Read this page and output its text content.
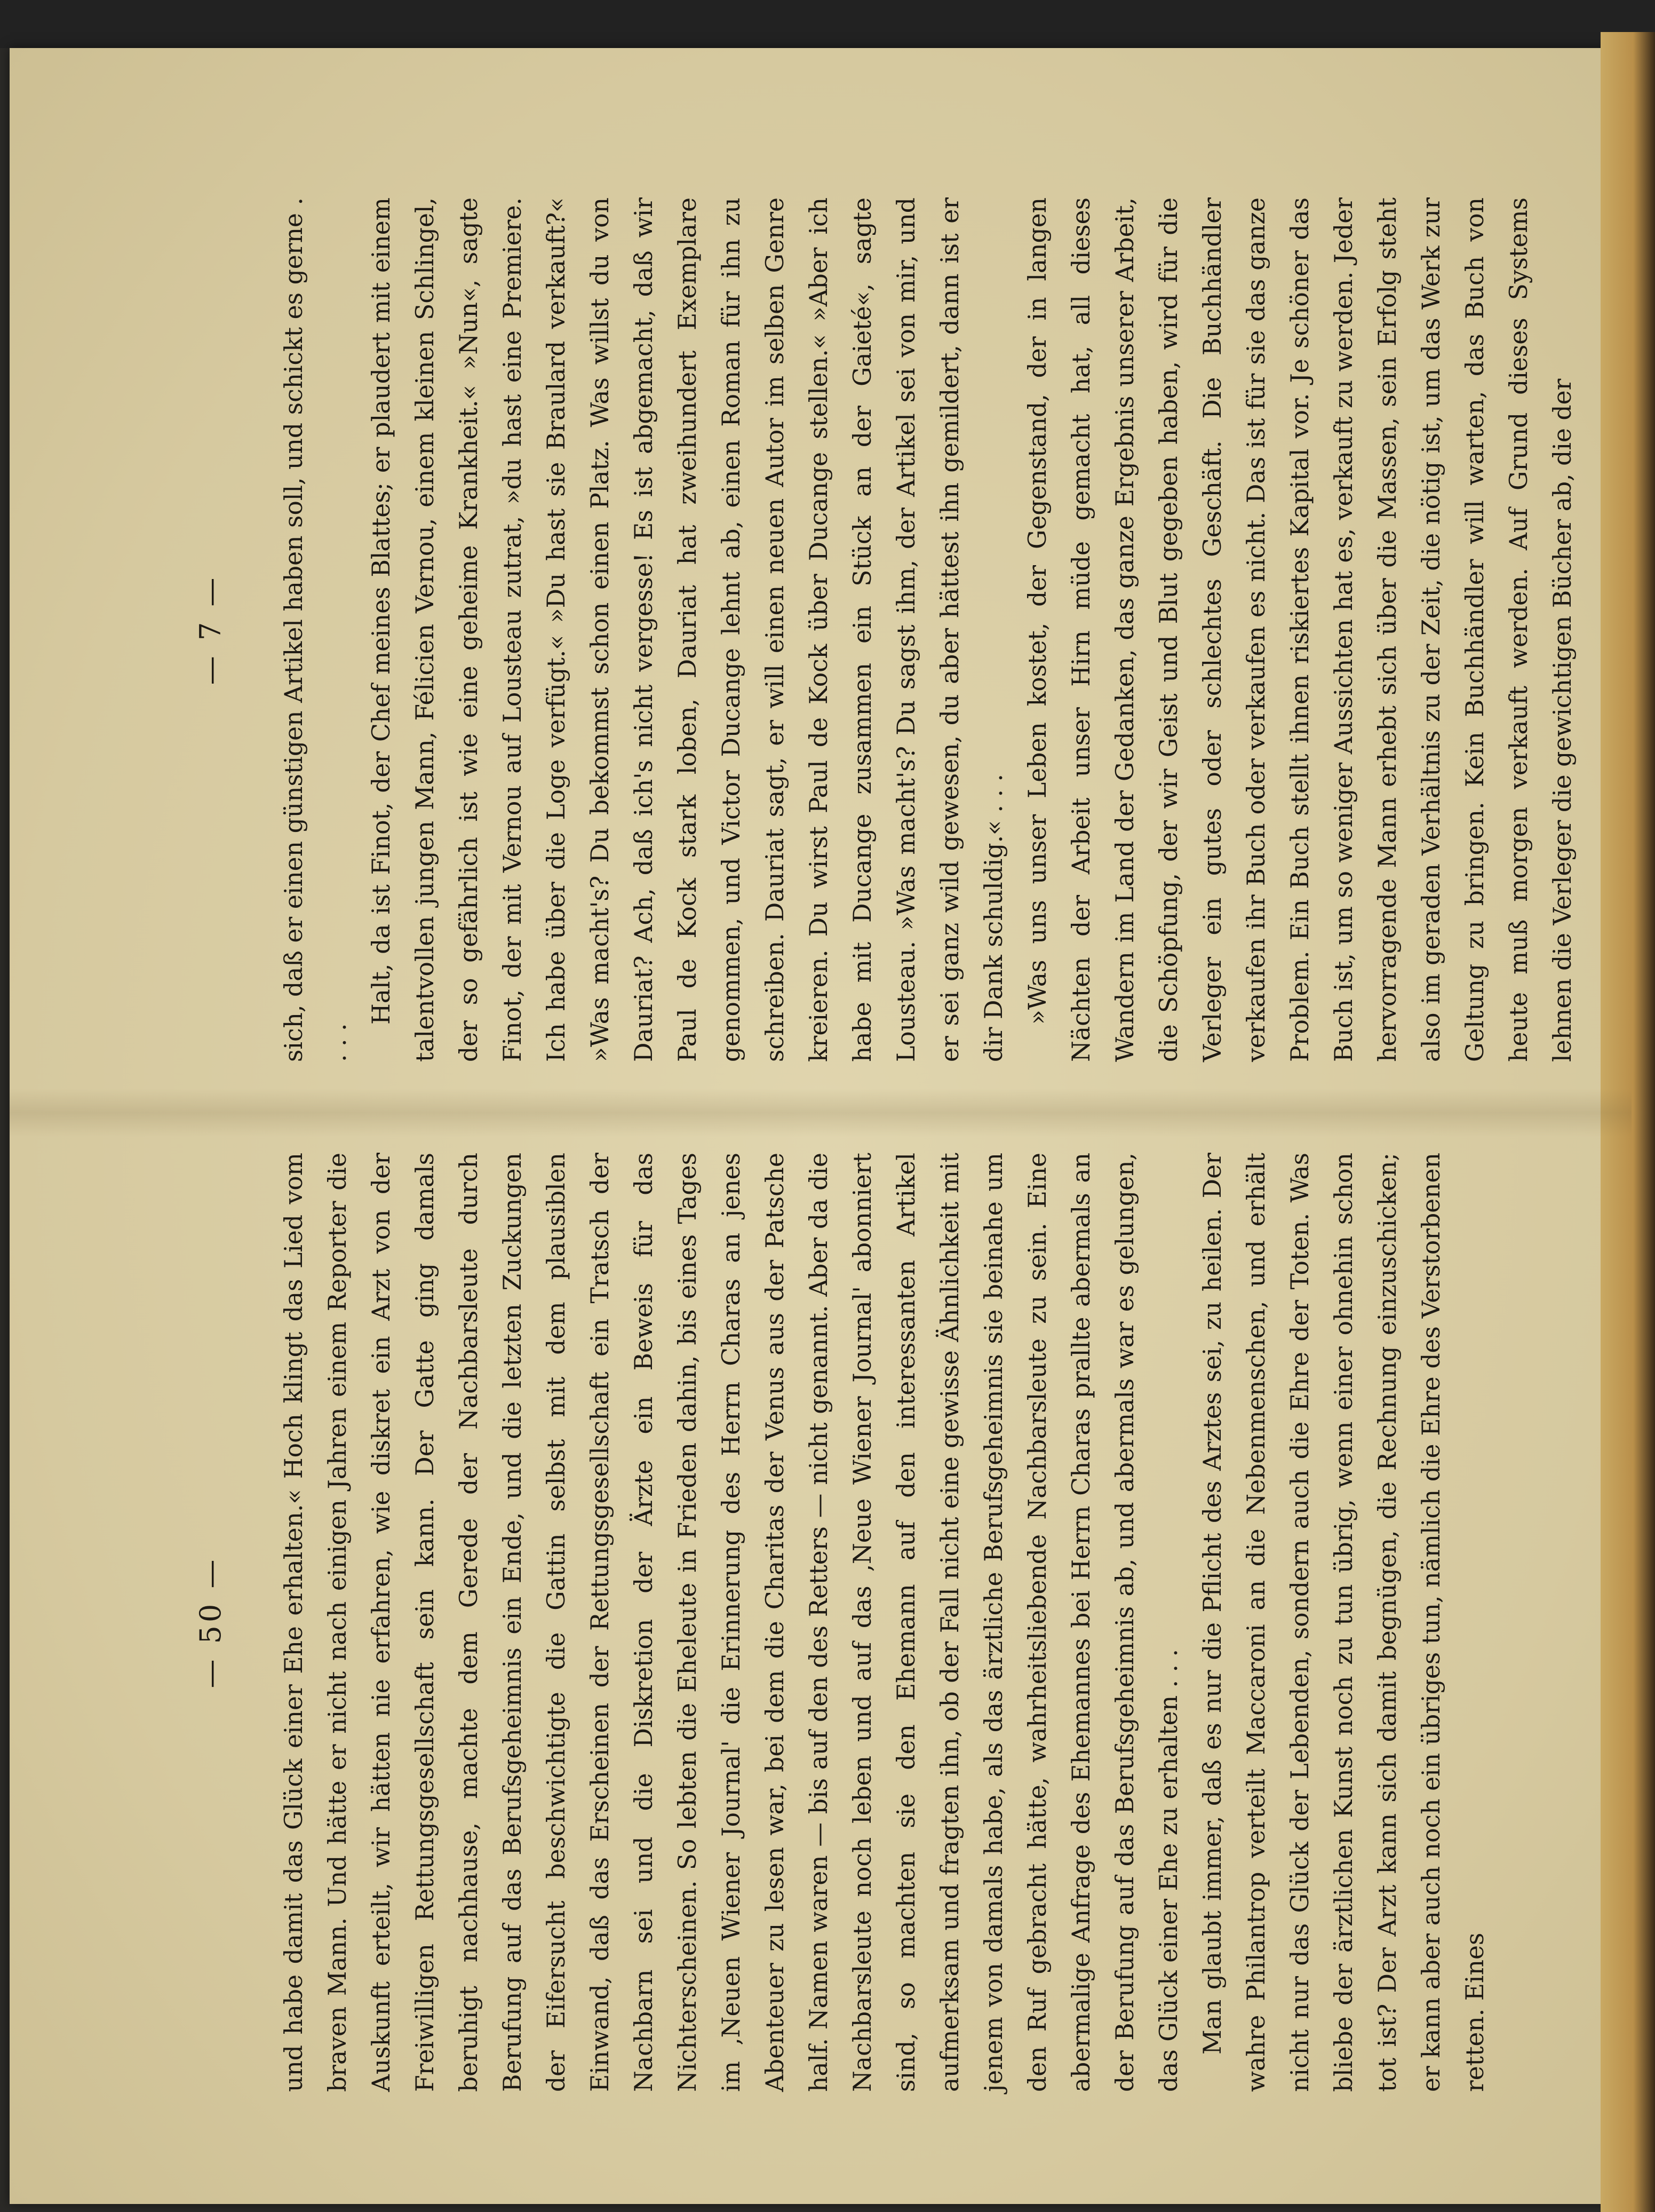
— 7 —	sich, daß er einen günstigen Artikel haben soll, und schickt es gerne . . . .

Halt, da ist Finot, der Chef meines Blattes; er plaudert mit einem talentvollen jungen Mann, Félicien Vernou, einem kleinen Schlingel, der so gefährlich ist wie eine geheime Krankheit.« »Nun«, sagte Finot, der mit Vernou auf Lousteau zutrat, »du hast eine Premiere. Ich habe über die Loge verfügt.« »Du hast sie Braulard verkauft?« »Was macht's? Du bekommst schon einen Platz. Was willst du von Dauriat? Ach, daß ich's nicht vergesse! Es ist abgemacht, daß wir Paul de Kock stark loben, Dauriat hat zweihundert Exemplare genommen, und Victor Ducange lehnt ab, einen Roman für ihn zu schreiben. Dauriat sagt, er will einen neuen Autor im selben Genre kreieren. Du wirst Paul de Kock über Ducange stellen.« »Aber ich habe mit Ducange zusammen ein Stück an der Gaieté«, sagte Lousteau. »Was macht's? Du sagst ihm, der Artikel sei von mir, und er sei ganz wild gewesen, du aber hättest ihn gemildert, dann ist er dir Dank schuldig.« . . . »Was uns unser Leben kostet, der Gegenstand, der in langen Nächten der Arbeit unser Hirn müde gemacht hat, all dieses Wandern im Land der Gedanken, das ganze Ergebnis unserer Arbeit, die Schöpfung, der wir Geist und Blut gegeben haben, wird für die Verleger ein gutes oder schlechtes Geschäft. Die Buchhändler verkaufen ihr Buch oder verkaufen es nicht. Das ist für sie das ganze Problem. Ein Buch stellt ihnen riskiertes Kapital vor. Je schöner das Buch ist, um so weniger Aussichten hat es, verkauft zu werden. Jeder hervorragende Mann erhebt sich über die Massen, sein Erfolg steht also im geraden Verhältnis zu der Zeit, die nötig ist, um das Werk zur Geltung zu bringen. Kein Buchhändler will warten, das Buch von heute muß morgen verkauft werden. Auf Grund dieses Systems lehnen die Verleger die gewichtigen Bücher ab, die der

— 50 —	und habe damit das Glück einer Ehe erhalten.« Hoch klingt das Lied vom braven Mann. Und hätte er nicht nach einigen Jahren einem Reporter die Auskunft erteilt, wir hätten nie erfahren, wie diskret ein Arzt von der Freiwilligen Rettungsgesellschaft sein kann. Der Gatte ging damals beruhigt nachhause, machte dem Gerede der Nachbarsleute durch Berufung auf das Berufsgeheimnis ein Ende, und die letzten Zuckungen der Eifersucht beschwichtigte die Gattin selbst mit dem plausiblen Einwand, daß das Erscheinen der Rettungsgesellschaft ein Tratsch der Nachbarn sei und die Diskretion der Ärzte ein Beweis für das Nichterscheinen. So lebten die Eheleute in Frieden dahin, bis eines Tages im ‚Neuen Wiener Journal' die Erinnerung des Herrn Charas an jenes Abenteuer zu lesen war, bei dem die Charitas der Venus aus der Patsche half. Namen waren — bis auf den des Retters — nicht genannt. Aber da die Nachbarsleute noch leben und auf das ‚Neue Wiener Journal' abonniert sind, so machten sie den Ehemann auf den interessanten Artikel aufmerksam und fragten ihn, ob der Fall nicht eine gewisse Ähnlichkeit mit jenem von damals habe, als das ärztliche Berufsgeheimnis sie beinahe um den Ruf gebracht hätte, wahrheitsliebende Nachbarsleute zu sein. Eine abermalige Anfrage des Ehemannes bei Herrn Charas prallte abermals an der Berufung auf das Berufsgeheimnis ab, und abermals war es gelungen, das Glück einer Ehe zu erhalten . . . Man glaubt immer, daß es nur die Pflicht des Arztes sei, zu heilen. Der wahre Philantrop verteilt Maccaroni an die Nebenmenschen, und erhält nicht nur das Glück der Lebenden, sondern auch die Ehre der Toten. Was bliebe der ärztlichen Kunst noch zu tun übrig, wenn einer ohnehin schon tot ist? Der Arzt kann sich damit begnügen, die Rechnung einzuschicken; er kann aber auch noch ein übriges tun, nämlich die Ehre des Verstorbenen retten. Eines
